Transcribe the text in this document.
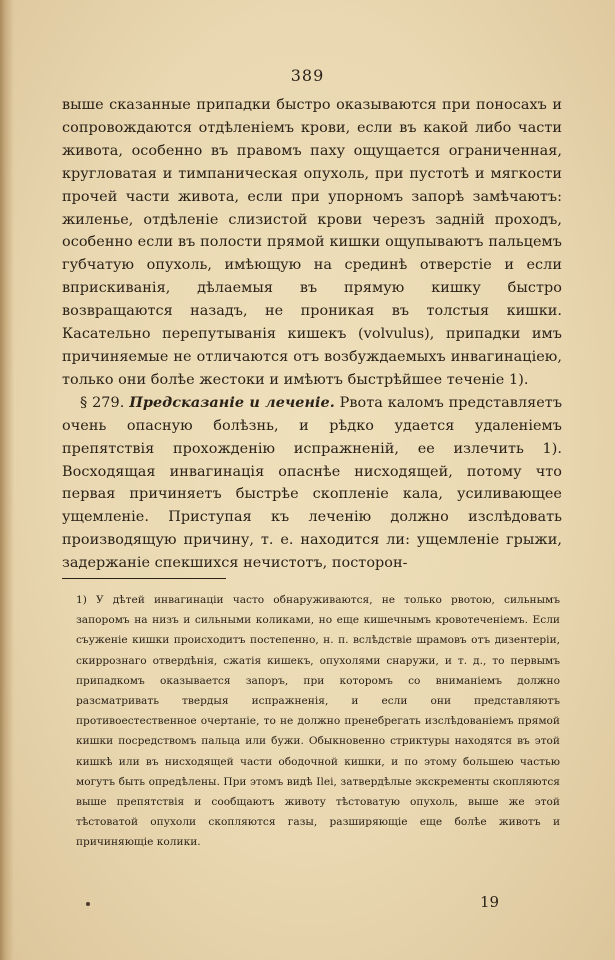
389

выше сказанные припадки быстро оказываются при поносахъ и сопровождаются отдѣленіемъ крови, если въ какой либо части живота, особенно въ правомъ паху ощущается ограниченная, кругловатая и тимпаническая опухоль, при пустотѣ и мягкости прочей части живота, если при упорномъ запорѣ замѣчаютъ: жиленье, отдѣленіе слизистой крови черезъ заднiй проходъ, особенно если въ полости прямой кишки ощупываютъ пальцемъ губчатую опухоль, имѣющую на срединѣ отверстіе и если вприскиванія, дѣлаемыя въ прямую кишку быстро возвращаются назадъ, не проникая въ толстыя кишки. Касательно перепутыванія кишекъ (volvulus), припадки имъ причиняемые не отличаются отъ возбуждаемыхъ инвагинаціею, только они болѣе жестоки и имѣютъ быстрѣйшее теченіе 1).

§ 279. Предсказаніе и леченіе. Рвота каломъ представляетъ очень опасную болѣзнь, и рѣдко удается удаленіемъ препятствія прохожденію испражненій, ее излечить 1). Восходящая инвагинація опаснѣе нисходящей, потому что первая причиняетъ быстрѣе скопленіе кала, усиливающее ущемленіе. Приступая къ леченію должно изслѣдовать производящую причину, т. е. находится ли: ущемленіе грыжи, задержаніе спекшихся нечистотъ, посторон-

1) У дѣтей инвагинаціи часто обнаруживаются, не только рвотою, сильнымъ запоромъ на низъ и сильными коликами, но еще кишечнымъ кровотеченіемъ. Если съуженіе кишки происходитъ постепенно, н. п. вслѣдствіе шрамовъ отъ дизентеріи, скиррознаго отвердѣнія, сжатія кишекъ, опухолями снаружи, и т. д., то первымъ припадкомъ оказывается запоръ, при которомъ со вниманіемъ должно разсматривать твердыя испражненія, и если они представляютъ противоестественное очертаніе, то не должно пренебрегать изслѣдованіемъ прямой кишки посредствомъ пальца или бужи. Обыкновенно стриктуры находятся въ этой кишкѣ или въ нисходящей части ободочной кишки, и по этому большею частью могутъ быть опредѣлены. При этомъ видѣ Ilei, затвердѣлые экскременты скопляются выше препятствія и сообщаютъ животу тѣстоватую опухоль, выше же этой тѣстоватой опухоли скопляются газы, разширяющіе еще болѣе животъ и причиняющіе колики.

19
